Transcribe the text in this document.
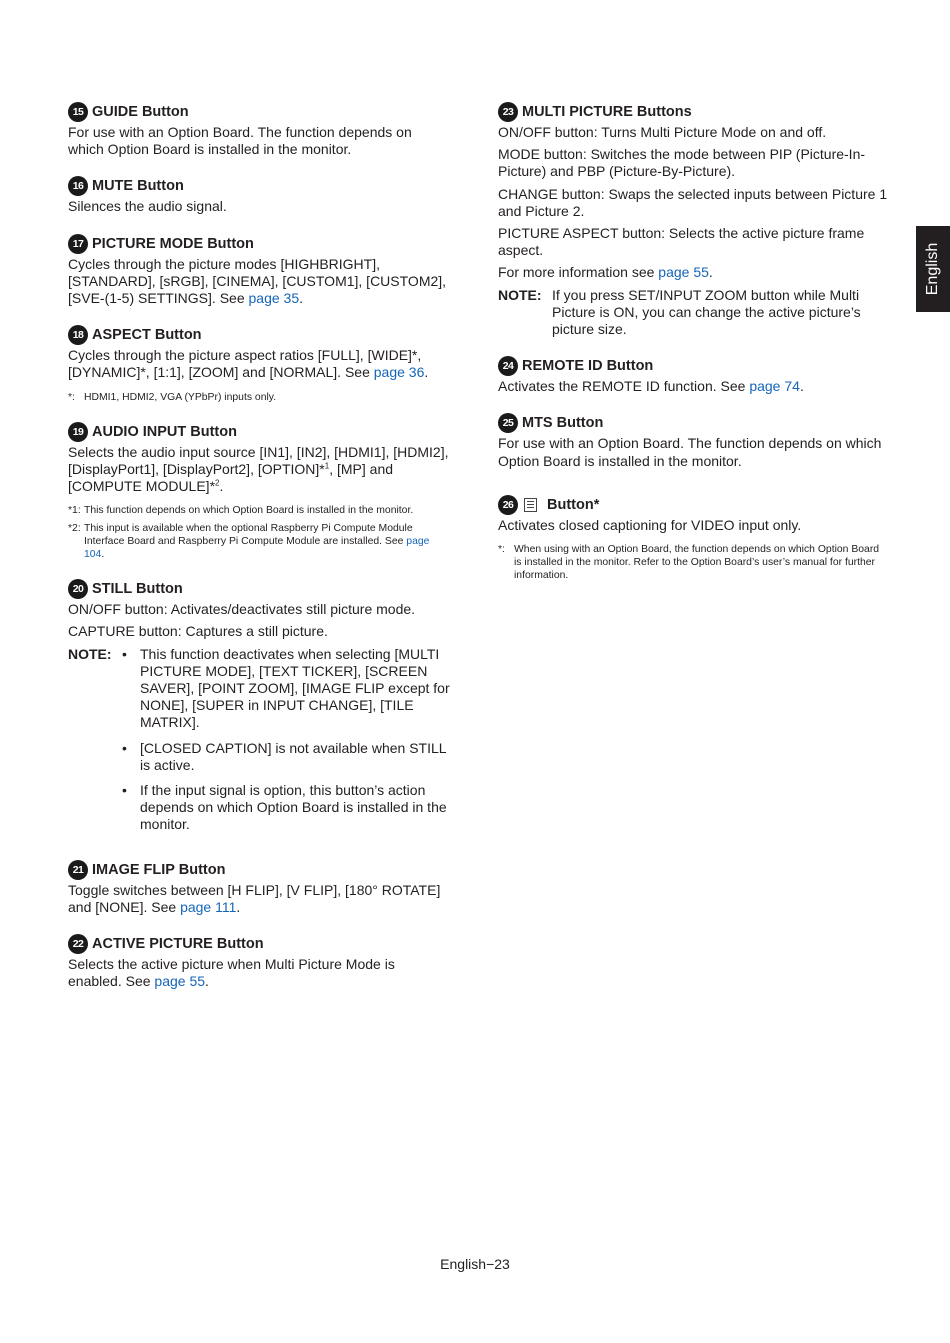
English
15 GUIDE Button

For use with an Option Board. The function depends on which Option Board is installed in the monitor.

16 MUTE Button

Silences the audio signal.

17 PICTURE MODE Button

Cycles through the picture modes [HIGHBRIGHT], [STANDARD], [sRGB], [CINEMA], [CUSTOM1], [CUSTOM2], [SVE-(1-5) SETTINGS]. See page 35.

18 ASPECT Button

Cycles through the picture aspect ratios [FULL], [WIDE]*, [DYNAMIC]*, [1:1], [ZOOM] and [NORMAL]. See page 36.

*: HDMI1, HDMI2, VGA (YPbPr) inputs only.
19 AUDIO INPUT Button

Selects the audio input source [IN1], [IN2], [HDMI1], [HDMI2], [DisplayPort1], [DisplayPort2], [OPTION]*$^1$, [MP] and [COMPUTE MODULE]*$^2$.

*1: This function depends on which Option Board is installed in the monitor.
*2: This input is available when the optional Raspberry Pi Compute Module Interface Board and Raspberry Pi Compute Module are installed. See page 104.
20 STILL Button

ON/OFF button: Activates/deactivates still picture mode.

CAPTURE button: Captures a still picture.

NOTE: • This function deactivates when selecting [MULTI PICTURE MODE], [TEXT TICKER], [SCREEN SAVER], [POINT ZOOM], [IMAGE FLIP except for NONE], [SUPER in INPUT CHANGE], [TILE MATRIX].
• [CLOSED CAPTION] is not available when STILL is active.
• If the input signal is option, this button’s action depends on which Option Board is installed in the monitor.
21 IMAGE FLIP Button

Toggle switches between [H FLIP], [V FLIP], [180° ROTATE] and [NONE]. See page 111.

22 ACTIVE PICTURE Button

Selects the active picture when Multi Picture Mode is enabled. See page 55.

23 MULTI PICTURE Buttons

ON/OFF button: Turns Multi Picture Mode on and off.

MODE button: Switches the mode between PIP (Picture-In-Picture) and PBP (Picture-By-Picture).

CHANGE button: Swaps the selected inputs between Picture 1 and Picture 2.

PICTURE ASPECT button: Selects the active picture frame aspect.

For more information see page 55.

NOTE: If you press SET/INPUT ZOOM button while Multi Picture is ON, you can change the active picture’s picture size.
24 REMOTE ID Button

Activates the REMOTE ID function. See page 74.

25 MTS Button

For use with an Option Board. The function depends on which Option Board is installed in the monitor.

26	Button*

Activates closed captioning for VIDEO input only.

*: When using with an Option Board, the function depends on which Option Board is installed in the monitor. Refer to the Option Board’s user’s manual for further information.
English−23
